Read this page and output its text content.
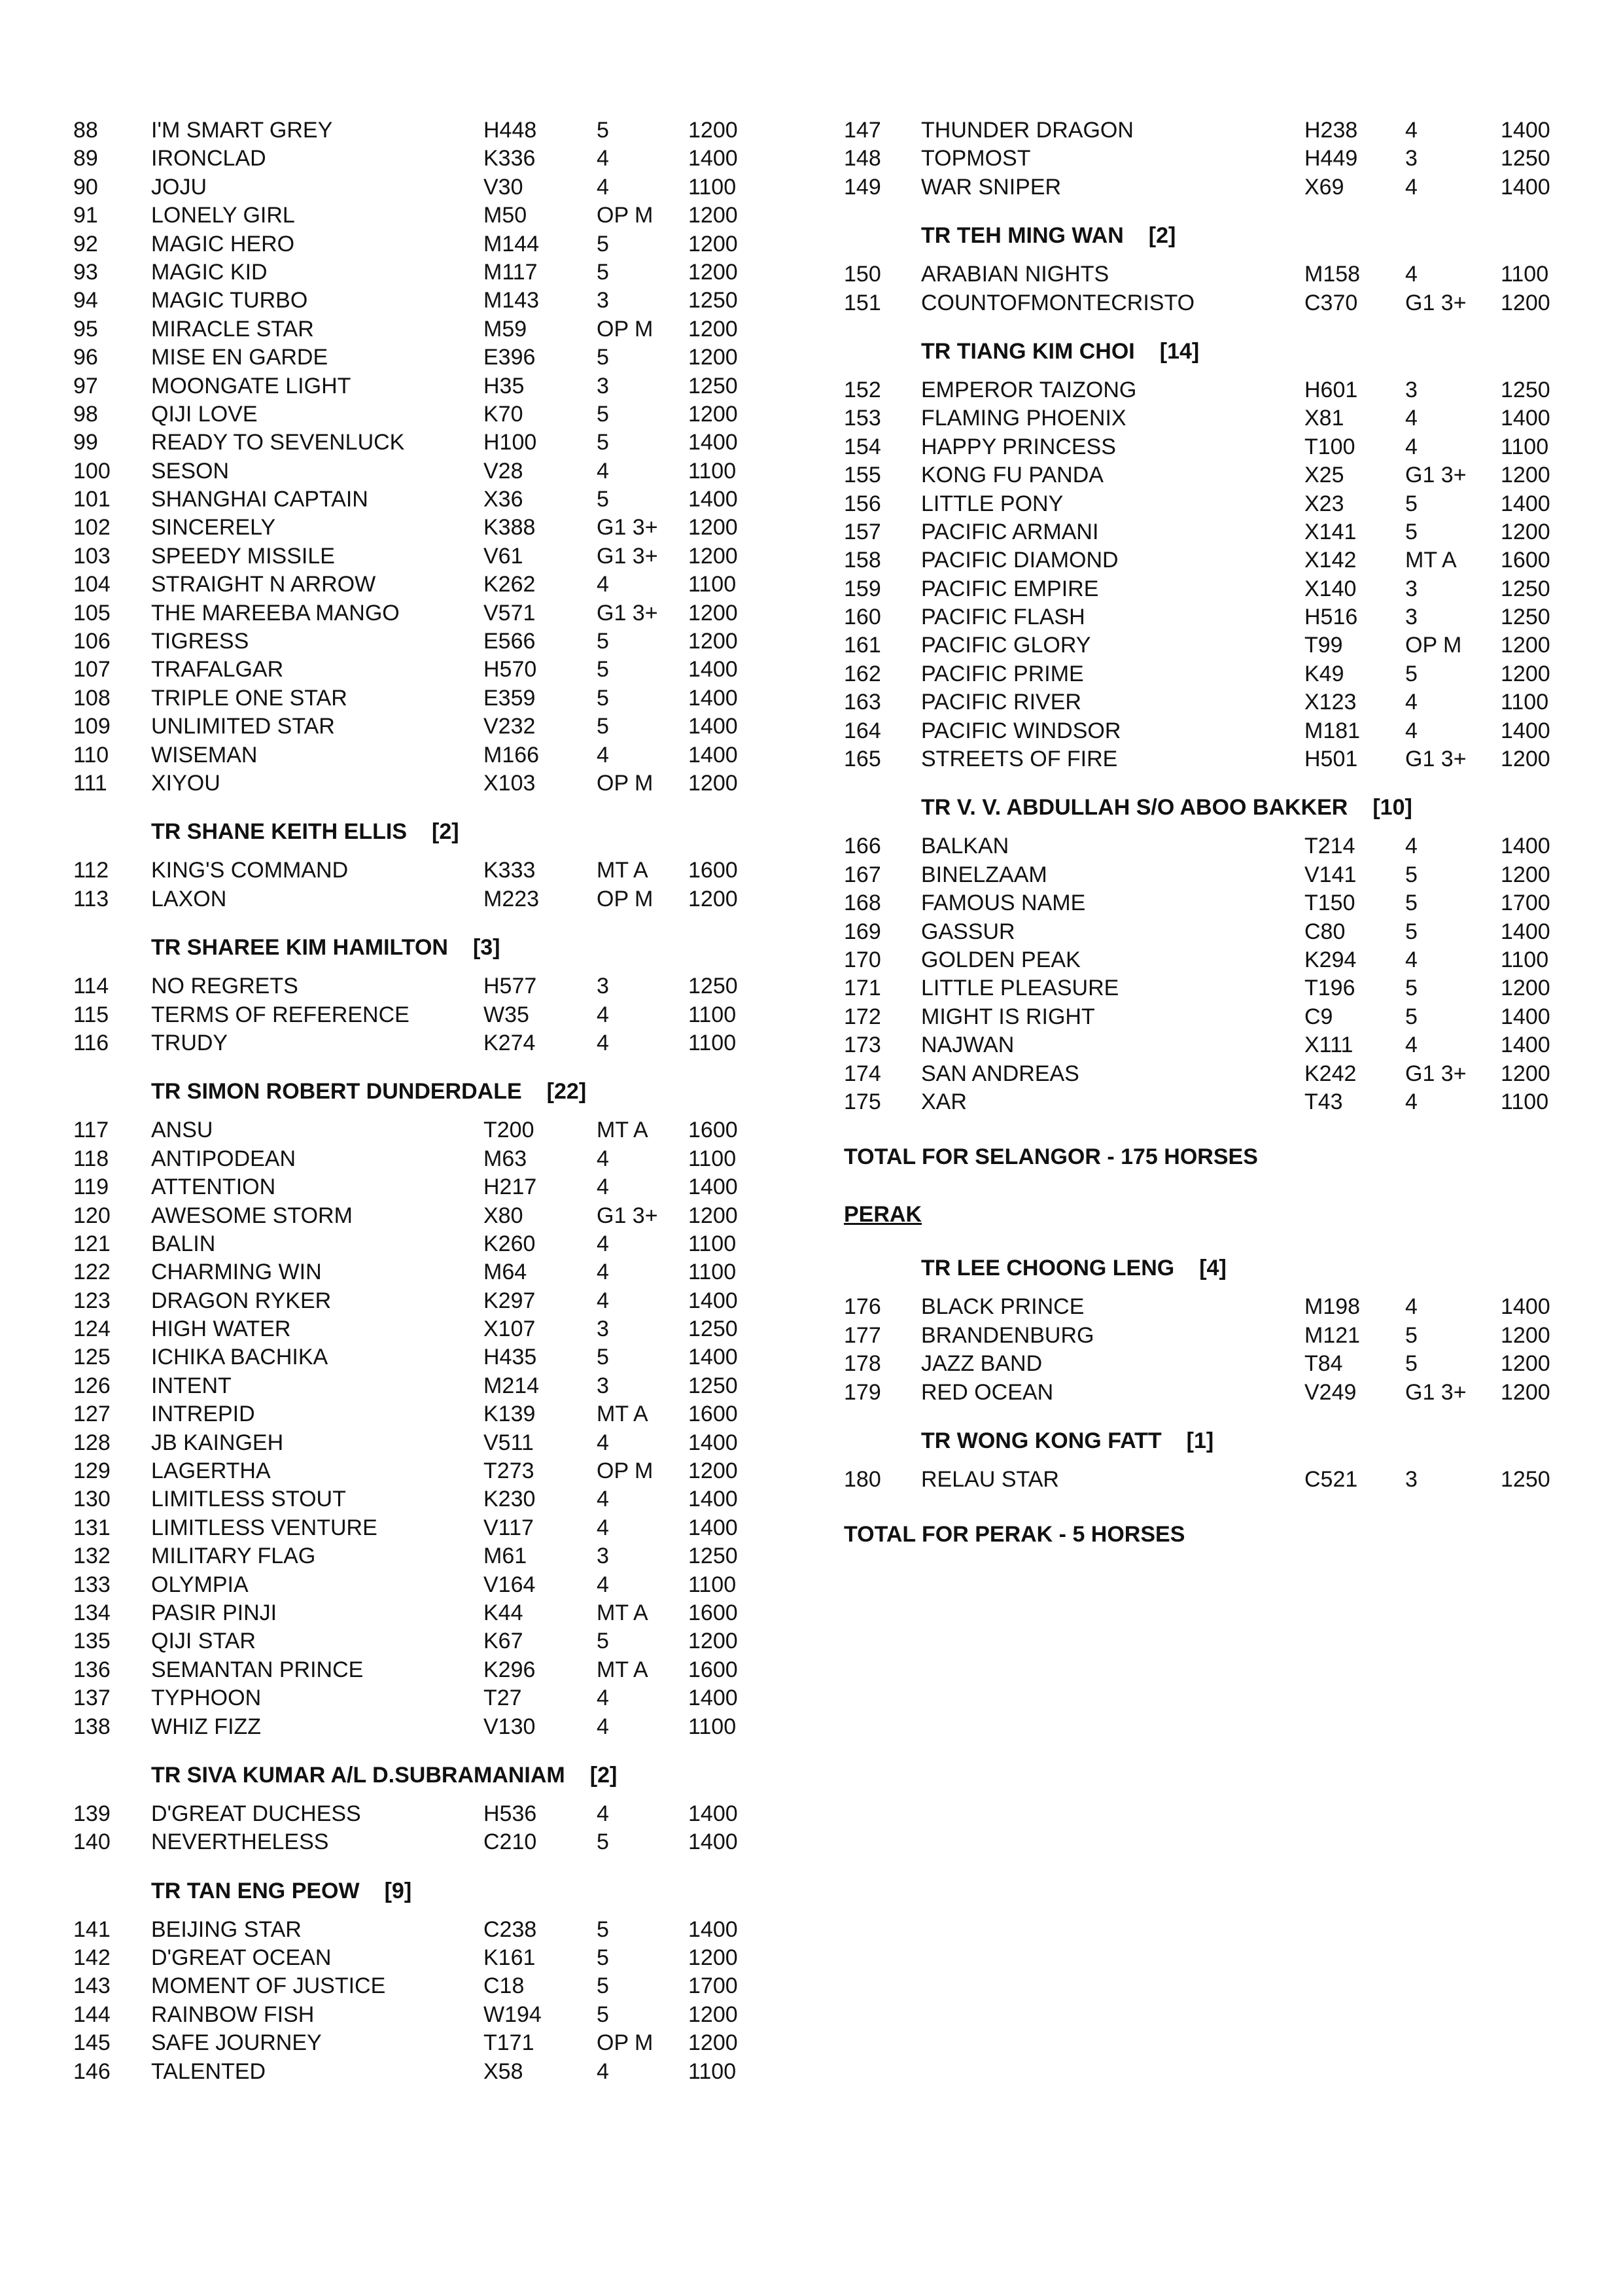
88 I'M SMART GREY	H448	5	1200
89 IRONCLAD	K336	4	1400
90 JOJU	V30	4	1100
91 LONELY GIRL	M50	OP M 1200
92 MAGIC HERO	M144	5	1200
93 MAGIC KID	M117	5	1200
94 MAGIC TURBO	M143	3	1250
95 MIRACLE STAR	M59	OP M 1200
96 MISE EN GARDE	E396	5	1200
97 MOONGATE LIGHT	H35	3	1250
98 QIJI LOVE	K70	5	1200
99 READY TO SEVENLUCK	H100	5	1400
100 SESON	V28	4	1100
101 SHANGHAI CAPTAIN	X36	5	1400
102 SINCERELY	K388	G1 3+ 1200
103 SPEEDY MISSILE	V61	G1 3+ 1200
104 STRAIGHT N ARROW	K262	4	1100
105 THE MAREEBA MANGO	V571	G1 3+ 1200
106 TIGRESS	E566	5	1200
107 TRAFALGAR	H570	5	1400
108 TRIPLE ONE STAR	E359	5	1400
109 UNLIMITED STAR	V232	5	1400
110 WISEMAN	M166	4	1400
111 XIYOU	X103	OP M 1200
TR SHANE KEITH ELLIS [2]
112 KING'S COMMAND	K333	MT A 1600
113 LAXON	M223	OP M 1200
TR SHAREE KIM HAMILTON [3]
114 NO REGRETS	H577	3	1250
115 TERMS OF REFERENCE	W35	4	1100
116 TRUDY	K274	4	1100
TR SIMON ROBERT DUNDERDALE [22]
117 ANSU	T200	MT A 1600
118 ANTIPODEAN	M63	4	1100
119 ATTENTION	H217	4	1400
120 AWESOME STORM	X80	G1 3+ 1200
121 BALIN	K260	4	1100
122 CHARMING WIN	M64	4	1100
123 DRAGON RYKER	K297	4	1400
124 HIGH WATER	X107	3	1250
125 ICHIKA BACHIKA	H435	5	1400
126 INTENT	M214	3	1250
127 INTREPID	K139	MT A 1600
128 JB KAINGEH	V511	4	1400
129 LAGERTHA	T273	OP M 1200
130 LIMITLESS STOUT	K230	4	1400
131 LIMITLESS VENTURE	V117	4	1400
132 MILITARY FLAG	M61	3	1250
133 OLYMPIA	V164	4	1100
134 PASIR PINJI	K44	MT A 1600
135 QIJI STAR	K67	5	1200
136 SEMANTAN PRINCE	K296	MT A 1600
137 TYPHOON	T27	4	1400
138 WHIZ FIZZ	V130	4	1100
TR SIVA KUMAR A/L D.SUBRAMANIAM [2]
139 D'GREAT DUCHESS	H536	4	1400
140 NEVERTHELESS	C210	5	1400
TR TAN ENG PEOW [9]
141 BEIJING STAR	C238	5	1400
142 D'GREAT OCEAN	K161	5	1200
143 MOMENT OF JUSTICE	C18	5	1700
144 RAINBOW FISH	W194 5	1200
145 SAFE JOURNEY	T171	OP M 1200
146 TALENTED	X58	4	1100
147 THUNDER DRAGON	H238 4	1400
148 TOPMOST	H449 3	1250
149 WAR SNIPER	X69	4	1400
TR TEH MING WAN [2]
150 ARABIAN NIGHTS	M158 4	1100
151 COUNTOFMONTECRISTO	C370 G1 3+ 1200
TR TIANG KIM CHOI [14]
152 EMPEROR TAIZONG	H601 3	1250
153 FLAMING PHOENIX	X81	4	1400
154 HAPPY PRINCESS	T100 4	1100
155 KONG FU PANDA	X25	G1 3+ 1200
156 LITTLE PONY	X23	5	1400
157 PACIFIC ARMANI	X141 5	1200
158 PACIFIC DIAMOND	X142 MT A 1600
159 PACIFIC EMPIRE	X140 3	1250
160 PACIFIC FLASH	H516 3	1250
161 PACIFIC GLORY	T99	OP M 1200
162 PACIFIC PRIME	K49	5	1200
163 PACIFIC RIVER	X123 4	1100
164 PACIFIC WINDSOR	M181 4	1400
165 STREETS OF FIRE	H501 G1 3+ 1200
TR V. V. ABDULLAH S/O ABOO BAKKER [10]
166 BALKAN	T214 4	1400
167 BINELZAAM	V141 5	1200
168 FAMOUS NAME	T150 5	1700
169 GASSUR	C80	5	1400
170 GOLDEN PEAK	K294 4	1100
171 LITTLE PLEASURE	T196 5	1200
172 MIGHT IS RIGHT	C9	5	1400
173 NAJWAN	X111 4	1400
174 SAN ANDREAS	K242 G1 3+ 1200
175 XAR	T43	4	1100
TOTAL FOR SELANGOR - 175 HORSES
PERAK
TR LEE CHOONG LENG [4]
176 BLACK PRINCE	M198 4	1400
177 BRANDENBURG	M121 5	1200
178 JAZZ BAND	T84	5	1200
179 RED OCEAN	V249 G1 3+ 1200
TR WONG KONG FATT [1]
180 RELAU STAR	C521 3	1250
TOTAL FOR PERAK - 5 HORSES
